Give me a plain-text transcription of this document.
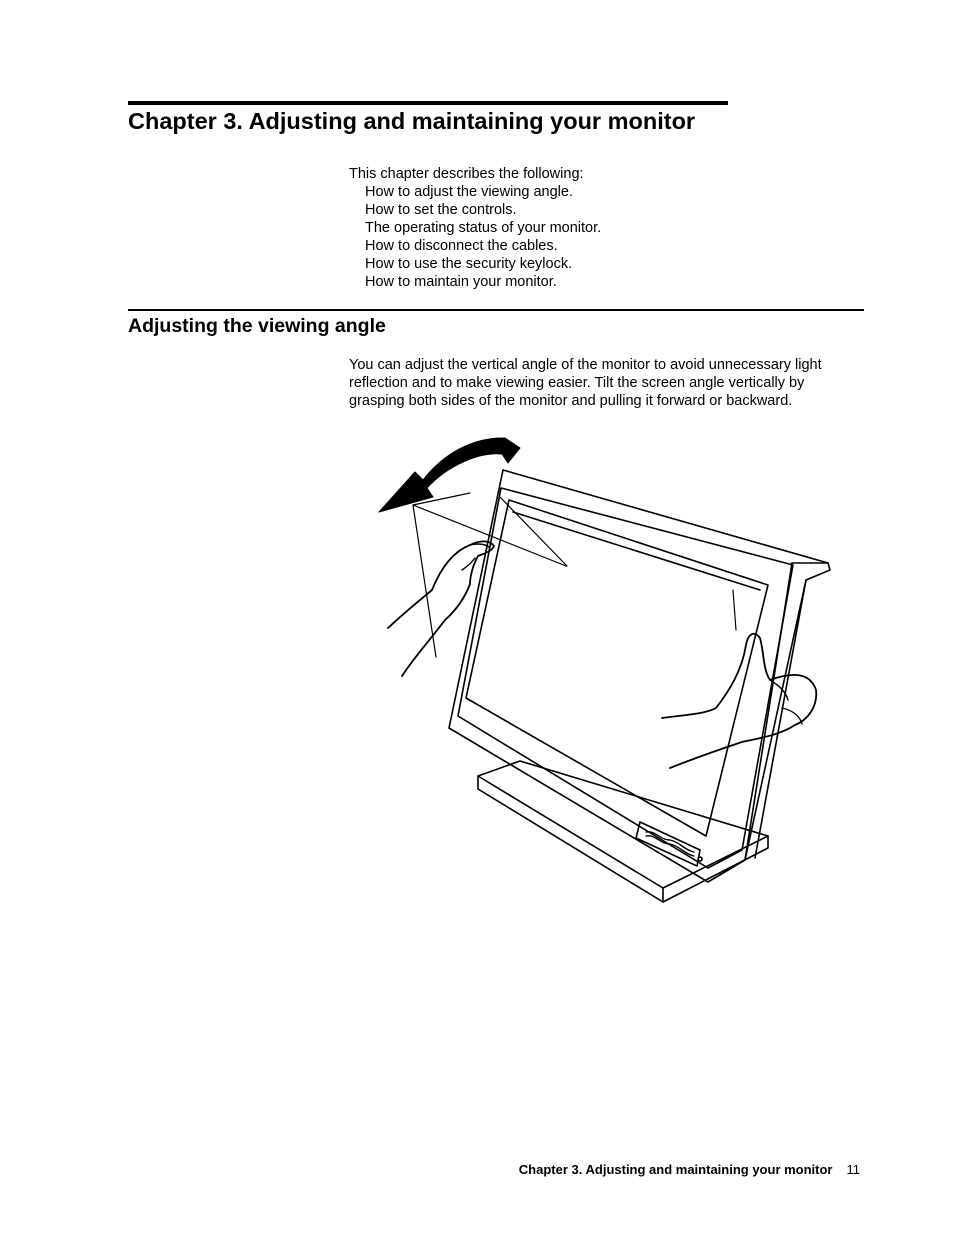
Chapter 3. Adjusting and maintaining your monitor
This chapter describes the following:
How to adjust the viewing angle.
How to set the controls.
The operating status of your monitor.
How to disconnect the cables.
How to use the security keylock.
How to maintain your monitor.
Adjusting the viewing angle

You can adjust the vertical angle of the monitor to avoid unnecessary light
reflection and to make viewing easier. Tilt the screen angle vertically by
grasping both sides of the monitor and pulling it forward or backward.

Chapter 3. Adjusting and maintaining your monitor 11
